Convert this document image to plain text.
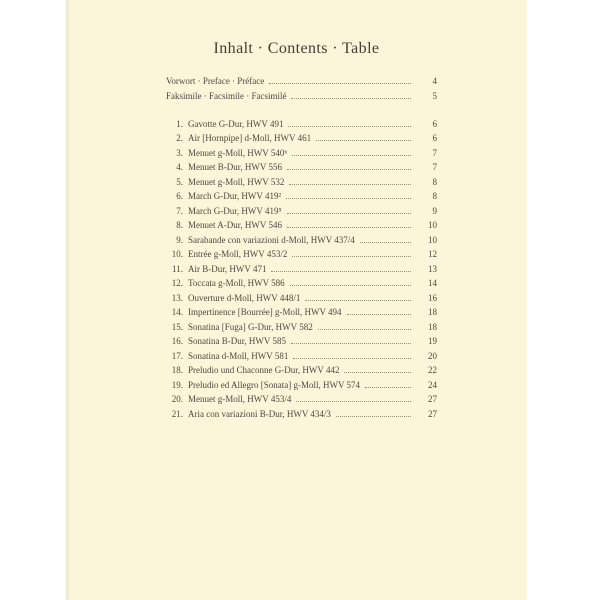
Inhalt · Contents · Table
Vorwort · Preface · Préface	4
Faksimile · Facsimile · Facsimilé	5
1. Gavotte G-Dur, HWV 491	6
2. Air [Hornpipe] d-Moll, HWV 461	6
3. Menuet g-Moll, HWV 540ᵇ	7
4. Menuet B-Dur, HWV 556	7
5. Menuet g-Moll, HWV 532	8
6. March G-Dur, HWV 419²	8
7. March G-Dur, HWV 419⁵	9
8. Menuet A-Dur, HWV 546	10
9. Sarabande con variazioni d-Moll, HWV 437/4	10
10. Entrée g-Moll, HWV 453/2	12
11. Air B-Dur, HWV 471	13
12. Toccata g-Moll, HWV 586	14
13. Ouverture d-Moll, HWV 448/1	16
14. Impertinence [Bourrée] g-Moll, HWV 494	18
15. Sonatina [Fuga] G-Dur, HWV 582	18
16. Sonatina B-Dur, HWV 585	19
17. Sonatina d-Moll, HWV 581	20
18. Preludio und Chaconne G-Dur, HWV 442	22
19. Preludio ed Allegro [Sonata] g-Moll, HWV 574	24
20. Menuet g-Moll, HWV 453/4	27
21. Aria con variazioni B-Dur, HWV 434/3	27
